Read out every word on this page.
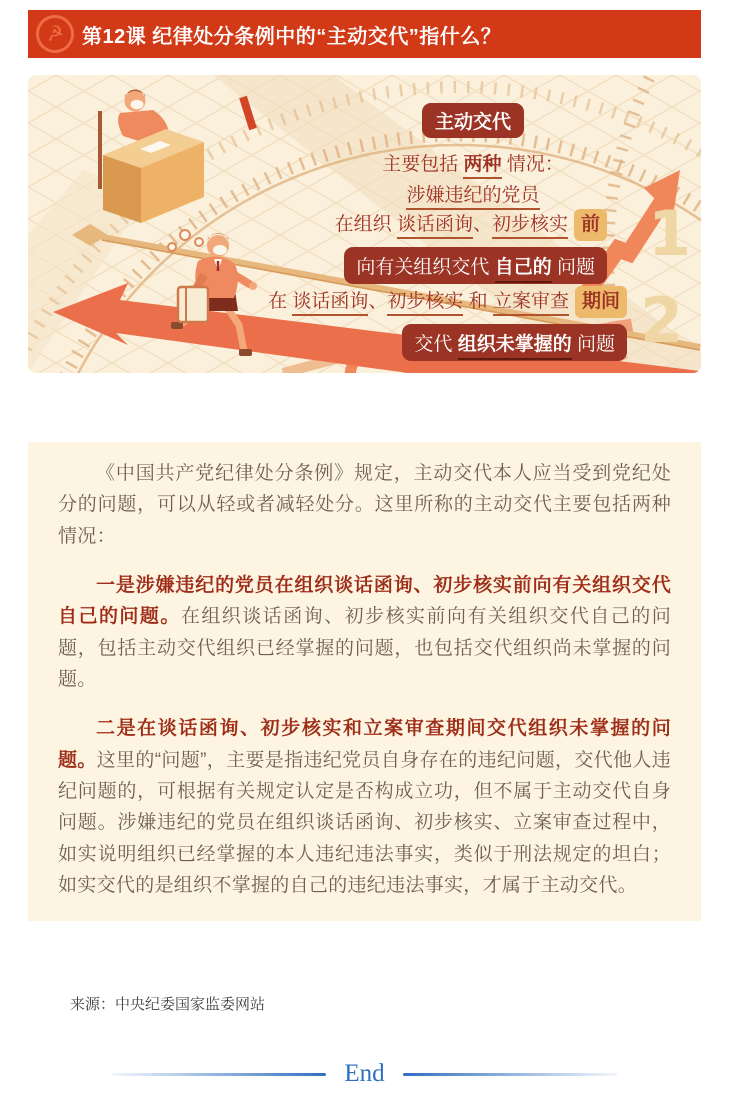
☭ 第12课 纪律处分条例中的“主动交代”指什么？
主动交代
主要包括 两种 情况：
涉嫌违纪的党员
在组织 谈话函询、初步核实 前
向有关组织交代 自己的 问题
在 谈话函询、初步核实 和 立案审查 期间
交代 组织未掌握的 问题
1
2

《中国共产党纪律处分条例》规定，主动交代本人应当受到党纪处分的问题，可以从轻或者减轻处分。这里所称的主动交代主要包括两种情况：

一是涉嫌违纪的党员在组织谈话函询、初步核实前向有关组织交代自己的问题。在组织谈话函询、初步核实前向有关组织交代自己的问题，包括主动交代组织已经掌握的问题，也包括交代组织尚未掌握的问题。

二是在谈话函询、初步核实和立案审查期间交代组织未掌握的问题。这里的“问题”，主要是指违纪党员自身存在的违纪问题，交代他人违纪问题的，可根据有关规定认定是否构成立功，但不属于主动交代自身问题。涉嫌违纪的党员在组织谈话函询、初步核实、立案审查过程中，如实说明组织已经掌握的本人违纪违法事实，类似于刑法规定的坦白；如实交代的是组织不掌握的自己的违纪违法事实，才属于主动交代。

来源：中央纪委国家监委网站
End
